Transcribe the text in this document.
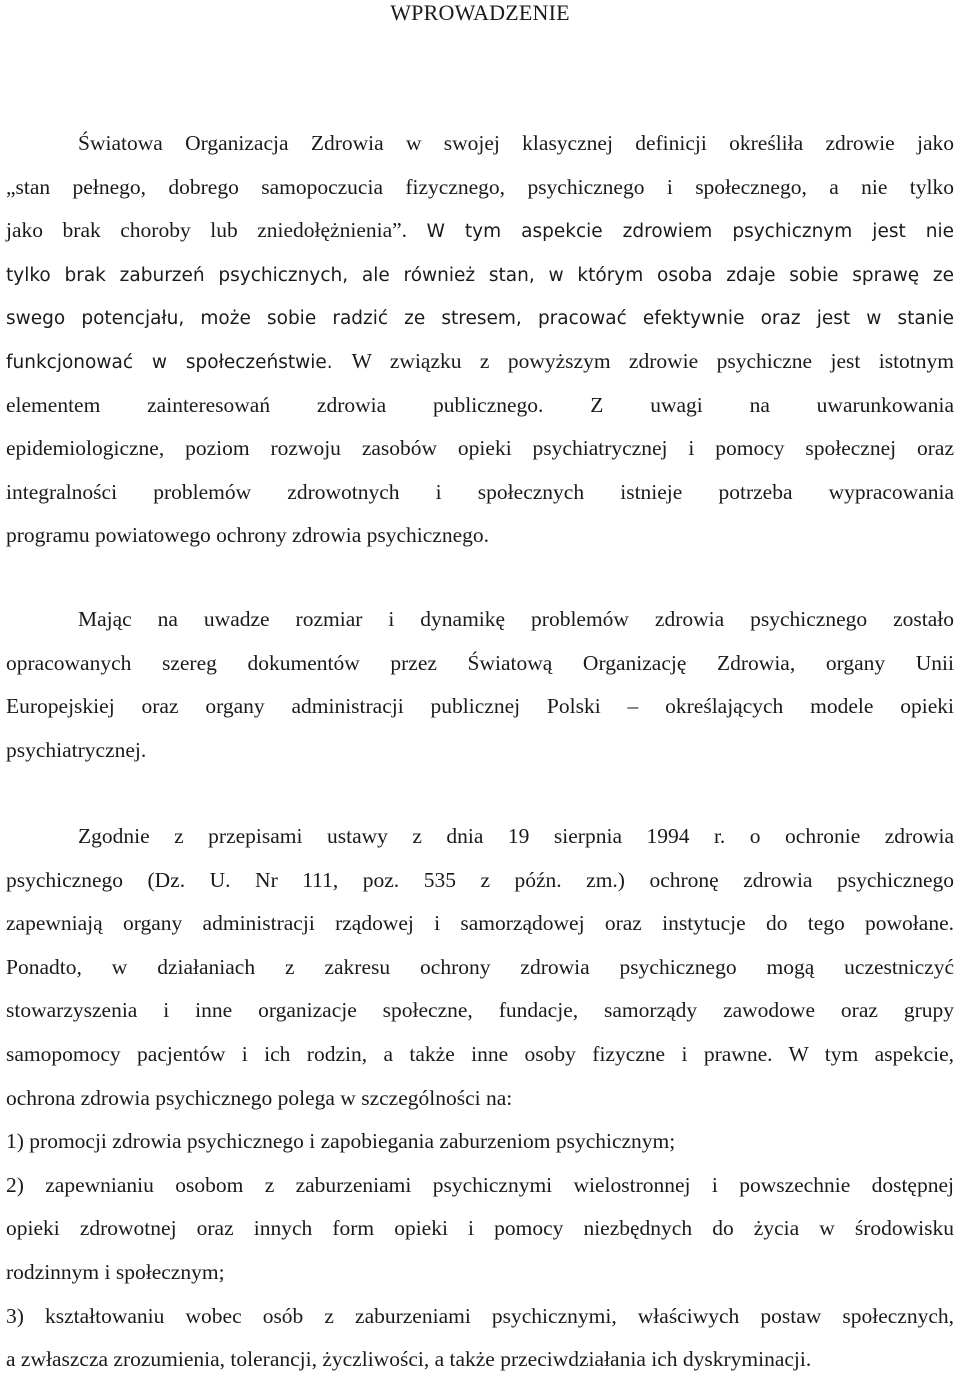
WPROWADZENIE
Światowa Organizacja Zdrowia w swojej klasycznej definicji określiła zdrowie jako
„stan pełnego, dobrego samopoczucia fizycznego, psychicznego i społecznego, a nie tylko
jako brak choroby lub zniedołężnienia”. W tym aspekcie zdrowiem psychicznym jest nie
tylko brak zaburzeń psychicznych, ale również stan, w którym osoba zdaje sobie sprawę ze
swego potencjału, może sobie radzić ze stresem, pracować efektywnie oraz jest w stanie
funkcjonować w społeczeństwie. W związku z powyższym zdrowie psychiczne jest istotnym
elementem zainteresowań zdrowia publicznego. Z uwagi na uwarunkowania
epidemiologiczne, poziom rozwoju zasobów opieki psychiatrycznej i pomocy społecznej oraz
integralności problemów zdrowotnych i społecznych istnieje potrzeba wypracowania
programu powiatowego ochrony zdrowia psychicznego.
Mając na uwadze rozmiar i dynamikę problemów zdrowia psychicznego zostało
opracowanych szereg dokumentów przez Światową Organizację Zdrowia, organy Unii
Europejskiej oraz organy administracji publicznej Polski – określających modele opieki
psychiatrycznej.
Zgodnie z przepisami ustawy z dnia 19 sierpnia 1994 r. o ochronie zdrowia
psychicznego (Dz. U. Nr 111, poz. 535 z późn. zm.) ochronę zdrowia psychicznego
zapewniają organy administracji rządowej i samorządowej oraz instytucje do tego powołane.
Ponadto, w działaniach z zakresu ochrony zdrowia psychicznego mogą uczestniczyć
stowarzyszenia i inne organizacje społeczne, fundacje, samorządy zawodowe oraz grupy
samopomocy pacjentów i ich rodzin, a także inne osoby fizyczne i prawne. W tym aspekcie,
ochrona zdrowia psychicznego polega w szczególności na:
1) promocji zdrowia psychicznego i zapobiegania zaburzeniom psychicznym;
2) zapewnianiu osobom z zaburzeniami psychicznymi wielostronnej i powszechnie dostępnej
opieki zdrowotnej oraz innych form opieki i pomocy niezbędnych do życia w środowisku
rodzinnym i społecznym;
3) kształtowaniu wobec osób z zaburzeniami psychicznymi, właściwych postaw społecznych,
a zwłaszcza zrozumienia, tolerancji, życzliwości, a także przeciwdziałania ich dyskryminacji.
